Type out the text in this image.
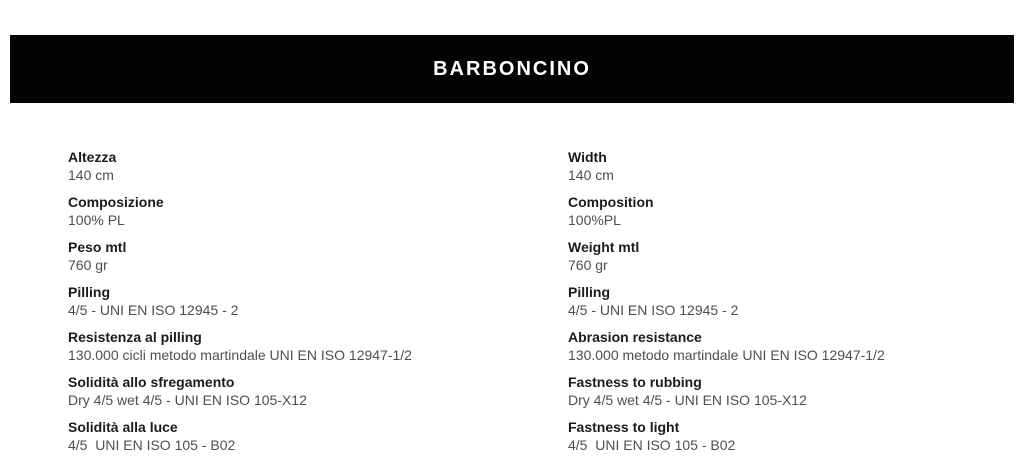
BARBONCINO
Altezza
140 cm
Composizione
100% PL
Peso mtl
760 gr
Pilling
4/5 - UNI EN ISO 12945 - 2
Resistenza al pilling
130.000 cicli metodo martindale UNI EN ISO 12947-1/2
Solidità allo sfregamento
Dry 4/5 wet 4/5 - UNI EN ISO 105-X12
Solidità alla luce
4/5  UNI EN ISO 105 - B02
Width
140 cm
Composition
100%PL
Weight mtl
760 gr
Pilling
4/5 - UNI EN ISO 12945 - 2
Abrasion resistance
130.000 metodo martindale UNI EN ISO 12947-1/2
Fastness to rubbing
Dry 4/5 wet 4/5 - UNI EN ISO 105-X12
Fastness to light
4/5  UNI EN ISO 105 - B02
